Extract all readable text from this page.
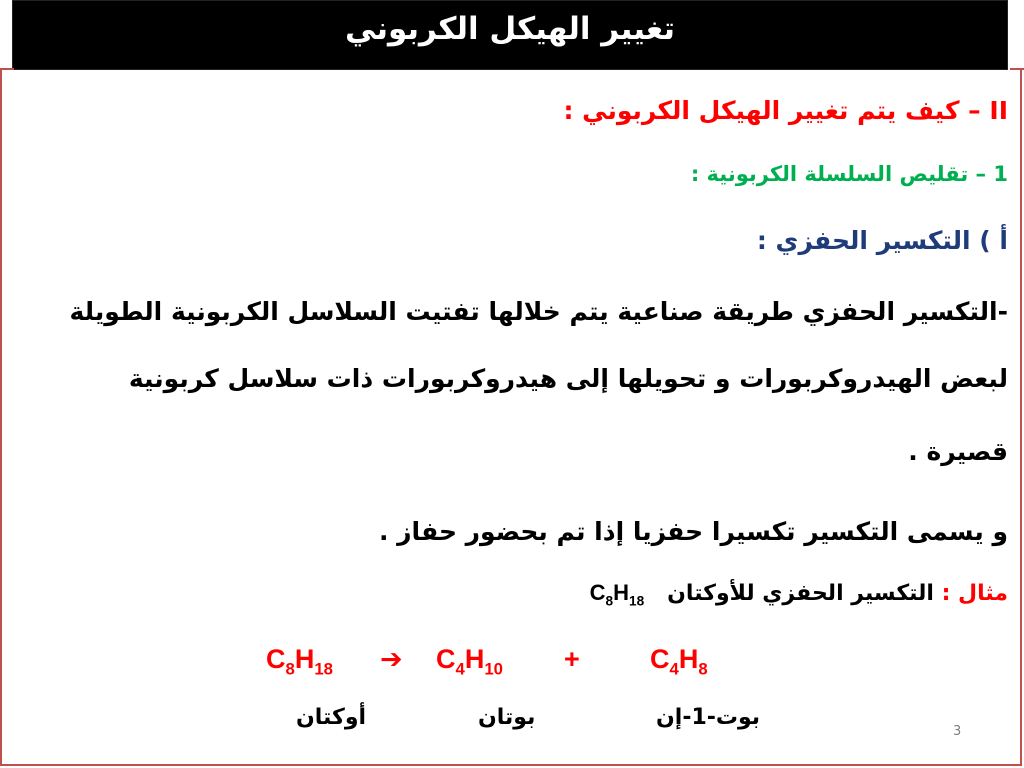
تغيير الهيكل الكربوني
II – كيف يتم تغيير الهيكل الكربوني :
1 – تقليص السلسلة الكربونية :
أ ) التكسير الحفزي :
-التكسير الحفزي طريقة صناعية يتم خلالها تفتيت السلاسل الكربونية الطويلة
لبعض الهيدروكربورات و تحويلها إلى هيدروكربورات ذات سلاسل كربونية
قصيرة .
و يسمى التكسير تكسيرا حفزيا إذا تم بحضور حفاز .
مثال : التكسير الحفزي للأوكتان   $C_8H_{18}$
$C_8H_{18}$ ➔ $C_4H_{10}$ +	$C_4H_8$
أوكتان	بوتان	بوت-1-إن
3
